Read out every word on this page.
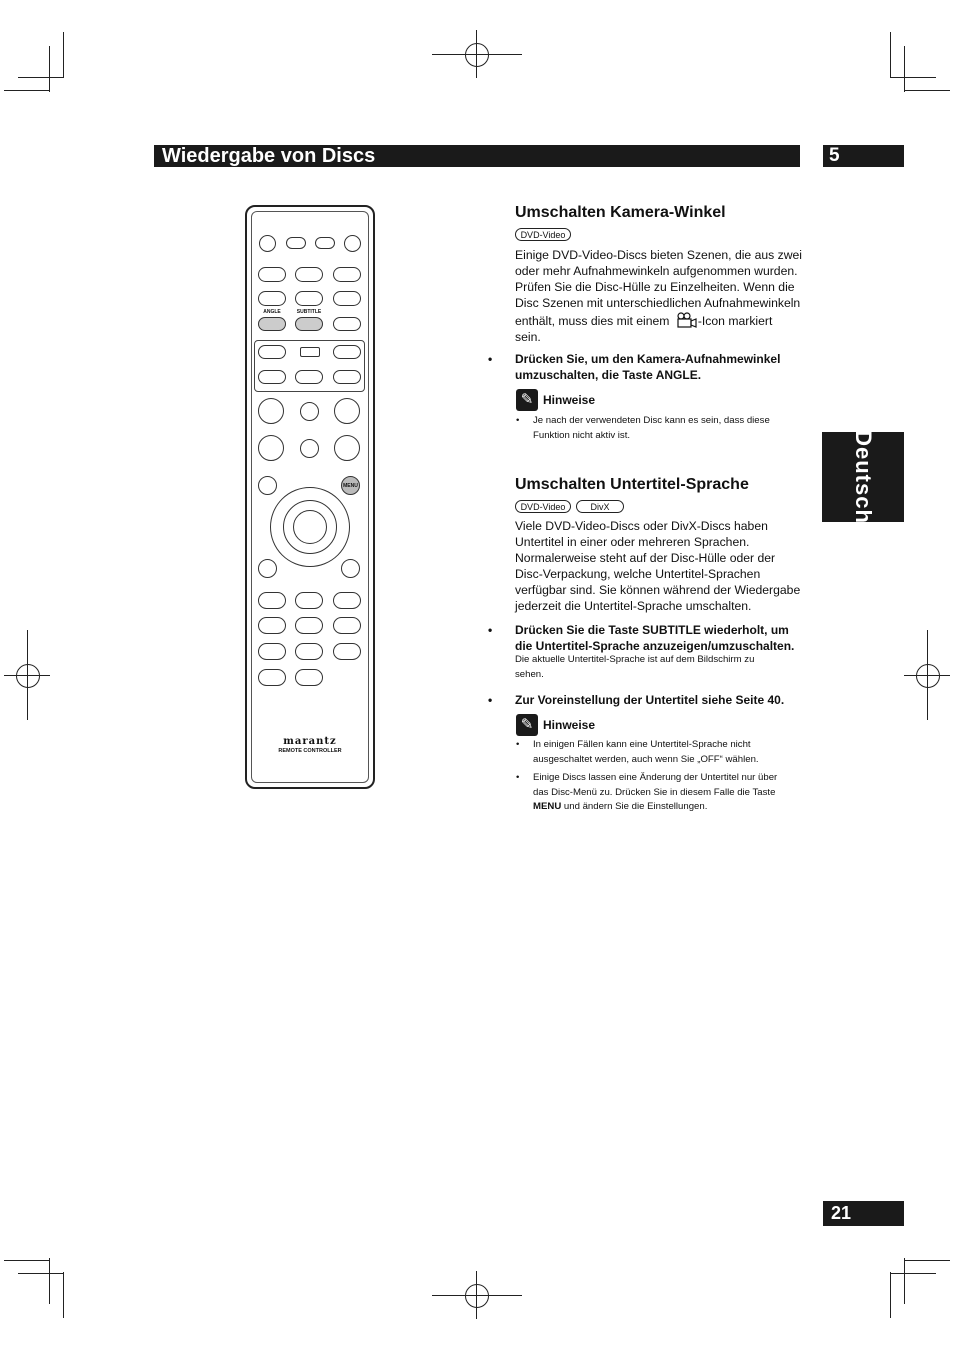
Wiedergabe von Discs	5
Deutsch
ANGLE	SUBTITLE
MENU
marantz
REMOTE CONTROLLER
Umschalten Kamera-Winkel
DVD-Video
Einige DVD-Video-Discs bieten Szenen, die aus zwei
oder mehr Aufnahmewinkeln aufgenommen wurden.
Prüfen Sie die Disc-Hülle zu Einzelheiten. Wenn die
Disc Szenen mit unterschiedlichen Aufnahmewinkeln
enthält, muss dies mit einem -Icon markiert
sein.
• Drücken Sie, um den Kamera-Aufnahmewinkel
umzuschalten, die Taste ANGLE.
✎ Hinweise
• Je nach der verwendeten Disc kann es sein, dass diese
Funktion nicht aktiv ist.
Umschalten Untertitel-Sprache
DVD-Video	DivX
Viele DVD-Video-Discs oder DivX-Discs haben
Untertitel in einer oder mehreren Sprachen.
Normalerweise steht auf der Disc-Hülle oder der
Disc-Verpackung, welche Untertitel-Sprachen
verfügbar sind. Sie können während der Wiedergabe
jederzeit die Untertitel-Sprache umschalten.
• Drücken Sie die Taste SUBTITLE wiederholt, um
die Untertitel-Sprache anzuzeigen/umzuschalten.
Die aktuelle Untertitel-Sprache ist auf dem Bildschirm zu
sehen.
• Zur Voreinstellung der Untertitel siehe Seite 40.
✎ Hinweise
• In einigen Fällen kann eine Untertitel-Sprache nicht
ausgeschaltet werden, auch wenn Sie „OFF“ wählen.
• Einige Discs lassen eine Änderung der Untertitel nur über
das Disc-Menü zu. Drücken Sie in diesem Falle die Taste
MENU und ändern Sie die Einstellungen.
21
